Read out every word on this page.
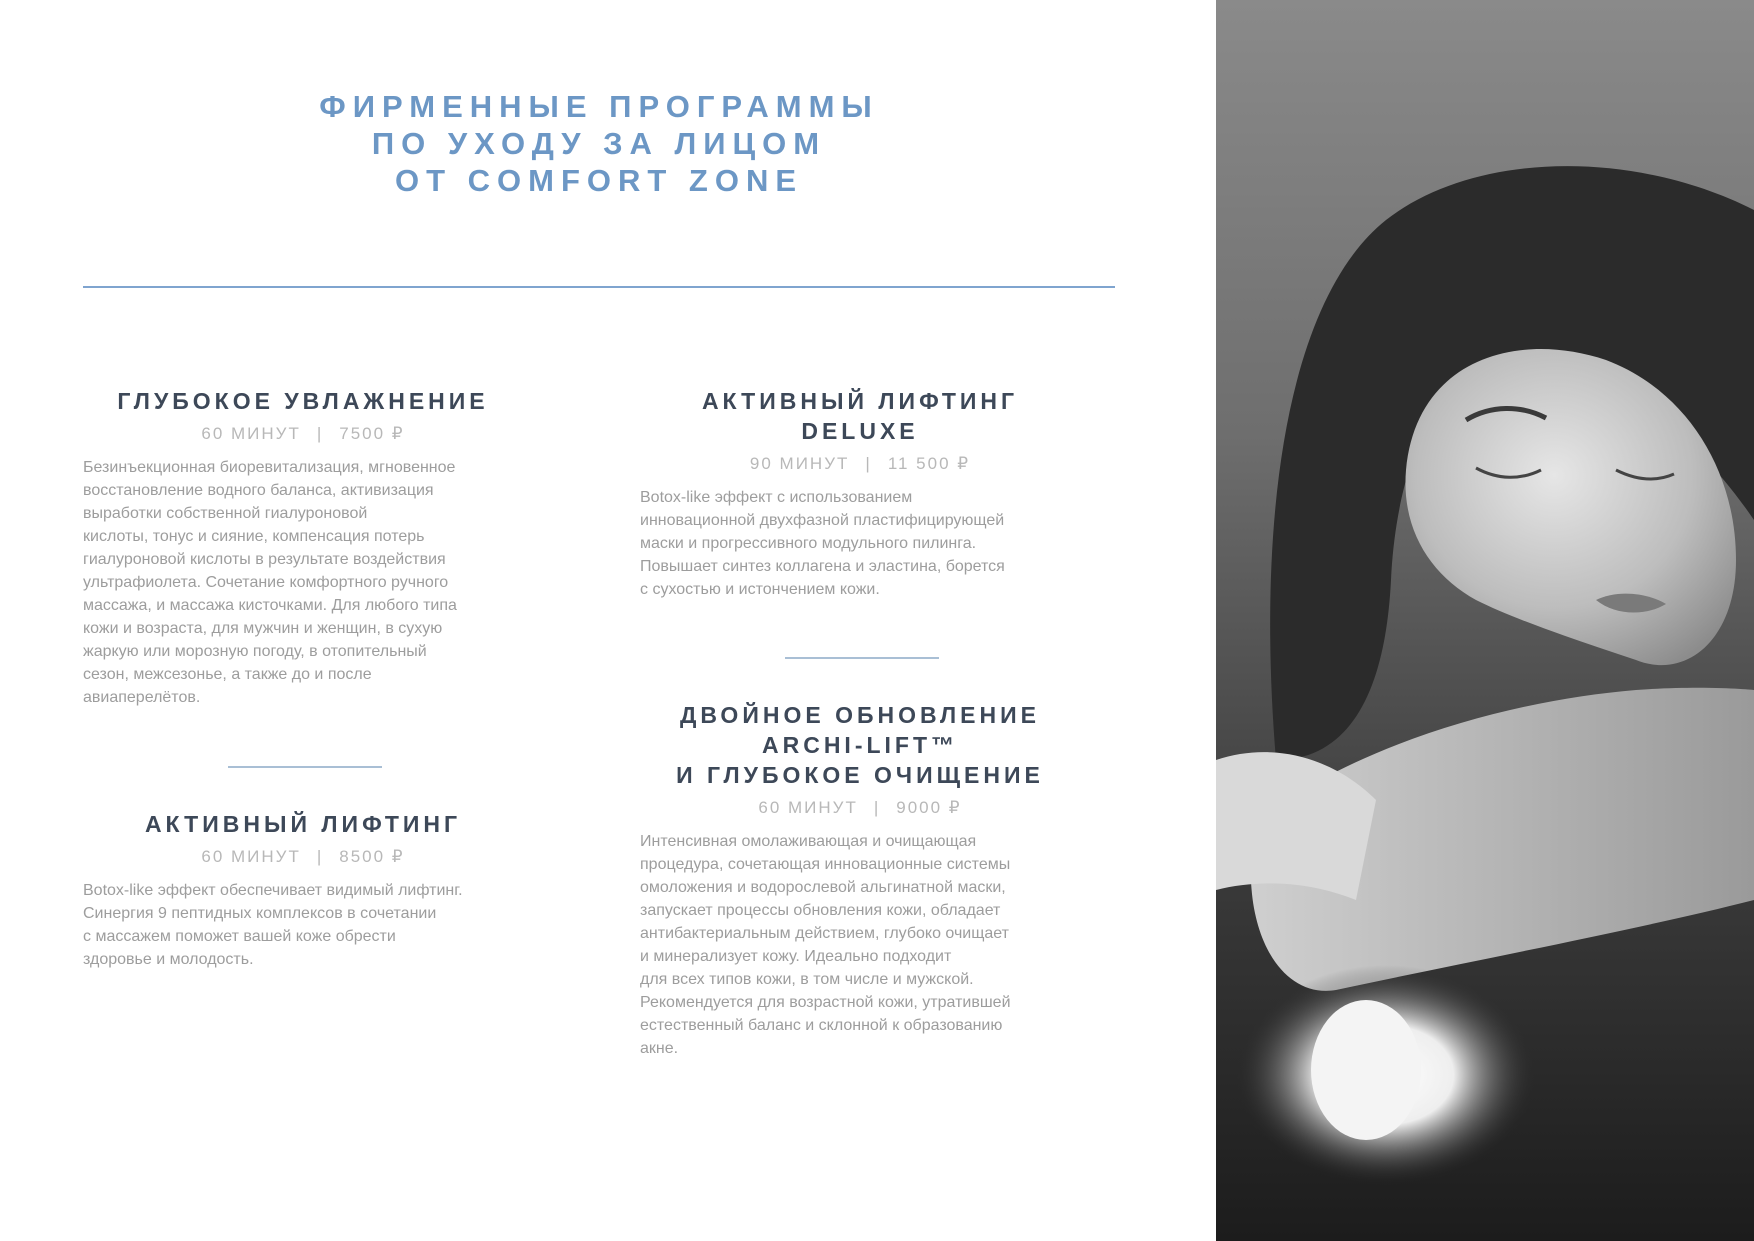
ФИРМЕННЫЕ ПРОГРАММЫ
ПО УХОДУ ЗА ЛИЦОМ
ОТ COMFORT ZONE
ГЛУБОКОЕ УВЛАЖНЕНИЕ
60 МИНУТ | 7500 ₽
Безинъекционная биоревитализация, мгновенное
восстановление водного баланса, активизация
выработки собственной гиалуроновой
кислоты, тонус и сияние, компенсация потерь
гиалуроновой кислоты в результате воздействия
ультрафиолета. Сочетание комфортного ручного
массажа, и массажа кисточками. Для любого типа
кожи и возраста, для мужчин и женщин, в сухую
жаркую или морозную погоду, в отопительный
сезон, межсезонье, а также до и после
авиаперелётов.
АКТИВНЫЙ ЛИФТИНГ
60 МИНУТ | 8500 ₽
Botox-like эффект обеспечивает видимый лифтинг.
Синергия 9 пептидных комплексов в сочетании
с массажем поможет вашей коже обрести
здоровье и молодость.
АКТИВНЫЙ ЛИФТИНГ
DELUXE
90 МИНУТ | 11 500 ₽
Botox-like эффект с использованием
инновационной двухфазной пластифицирующей
маски и прогрессивного модульного пилинга.
Повышает синтез коллагена и эластина, борется
с сухостью и истончением кожи.
ДВОЙНОЕ ОБНОВЛЕНИЕ
ARCHI-LIFT™
И ГЛУБОКОЕ ОЧИЩЕНИЕ
60 МИНУТ | 9000 ₽
Интенсивная омолаживающая и очищающая
процедура, сочетающая инновационные системы
омоложения и водорослевой альгинатной маски,
запускает процессы обновления кожи, обладает
антибактериальным действием, глубоко очищает
и минерализует кожу. Идеально подходит
для всех типов кожи, в том числе и мужской.
Рекомендуется для возрастной кожи, утратившей
естественный баланс и склонной к образованию
акне.
